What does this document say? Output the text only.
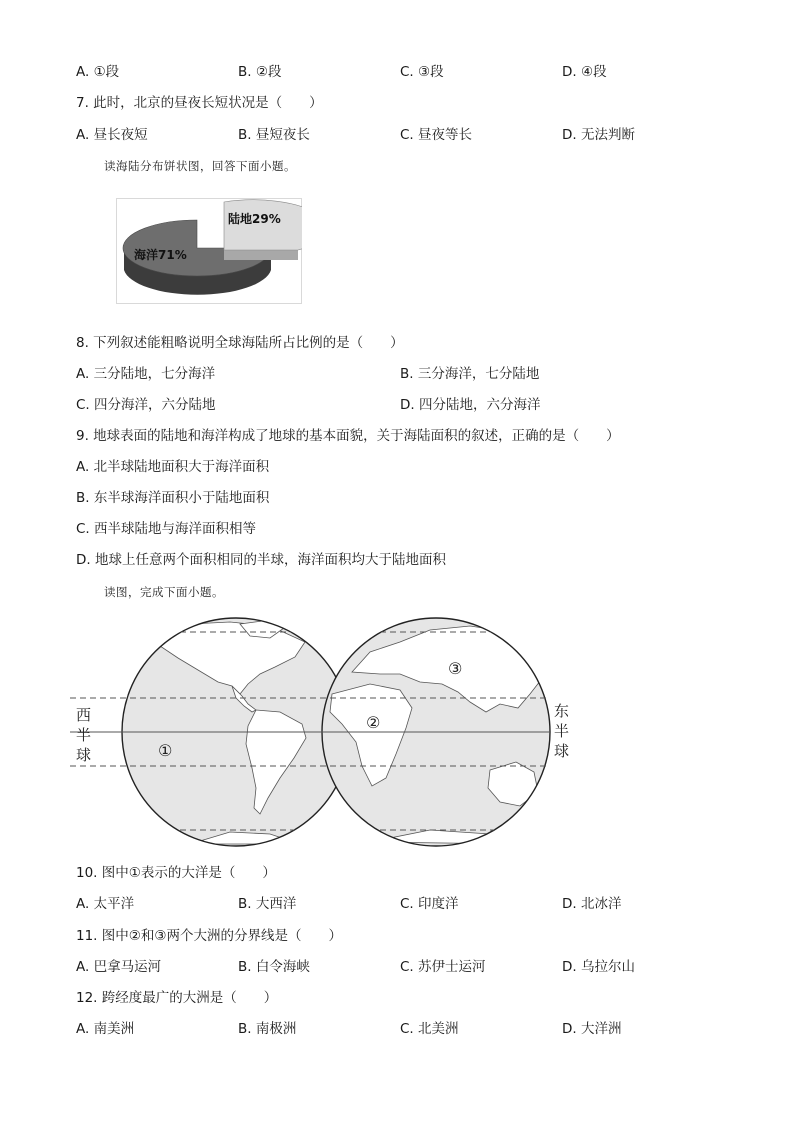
A. ①段	B. ②段	C. ③段	D. ④段
7. 此时，北京的昼夜长短状况是（　　）
A. 昼长夜短	B. 昼短夜长	C. 昼夜等长	D. 无法判断
读海陆分布饼状图，回答下面小题。
陆地29%
海洋71%
8. 下列叙述能粗略说明全球海陆所占比例的是（　　）
A. 三分陆地，七分海洋	B. 三分海洋，七分陆地
C. 四分海洋，六分陆地	D. 四分陆地，六分海洋
9. 地球表面的陆地和海洋构成了地球的基本面貌，关于海陆面积的叙述，正确的是（　　）
A. 北半球陆地面积大于海洋面积
B. 东半球海洋面积小于陆地面积
C. 西半球陆地与海洋面积相等
D. 地球上任意两个面积相同的半球，海洋面积均大于陆地面积
读图，完成下面小题。
①
②
③
西
半
球
东
半
球
10. 图中①表示的大洋是（　　）
A. 太平洋	B. 大西洋	C. 印度洋	D. 北冰洋
11. 图中②和③两个大洲的分界线是（　　）
A. 巴拿马运河	B. 白令海峡	C. 苏伊士运河	D. 乌拉尔山
12. 跨经度最广的大洲是（　　）
A. 南美洲	B. 南极洲	C. 北美洲	D. 大洋洲
